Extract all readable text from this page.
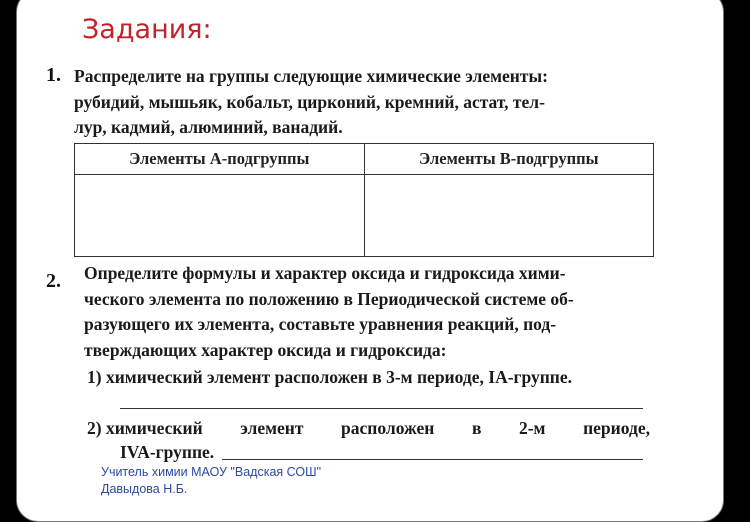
Задания:
1. Распределите на группы следующие химические элементы:
рубидий, мышьяк, кобальт, цирконий, кремний, астат, тел-
лур, кадмий, алюминий, ванадий.
Элементы А-подгруппы	Элементы В-подгруппы

2. Определите формулы и характер оксида и гидроксида хими-
ческого элемента по положению в Периодической системе об-
разующего их элемента, составьте уравнения реакций, под-
тверждающих характер оксида и гидроксида:
1) химический элемент расположен в 3-м периоде, IA-группе.
2) химический элемент расположен в 2-м периоде,
IVA-группе.
Учитель химии МАОУ "Вадская СОШ"
Давыдова Н.Б.
